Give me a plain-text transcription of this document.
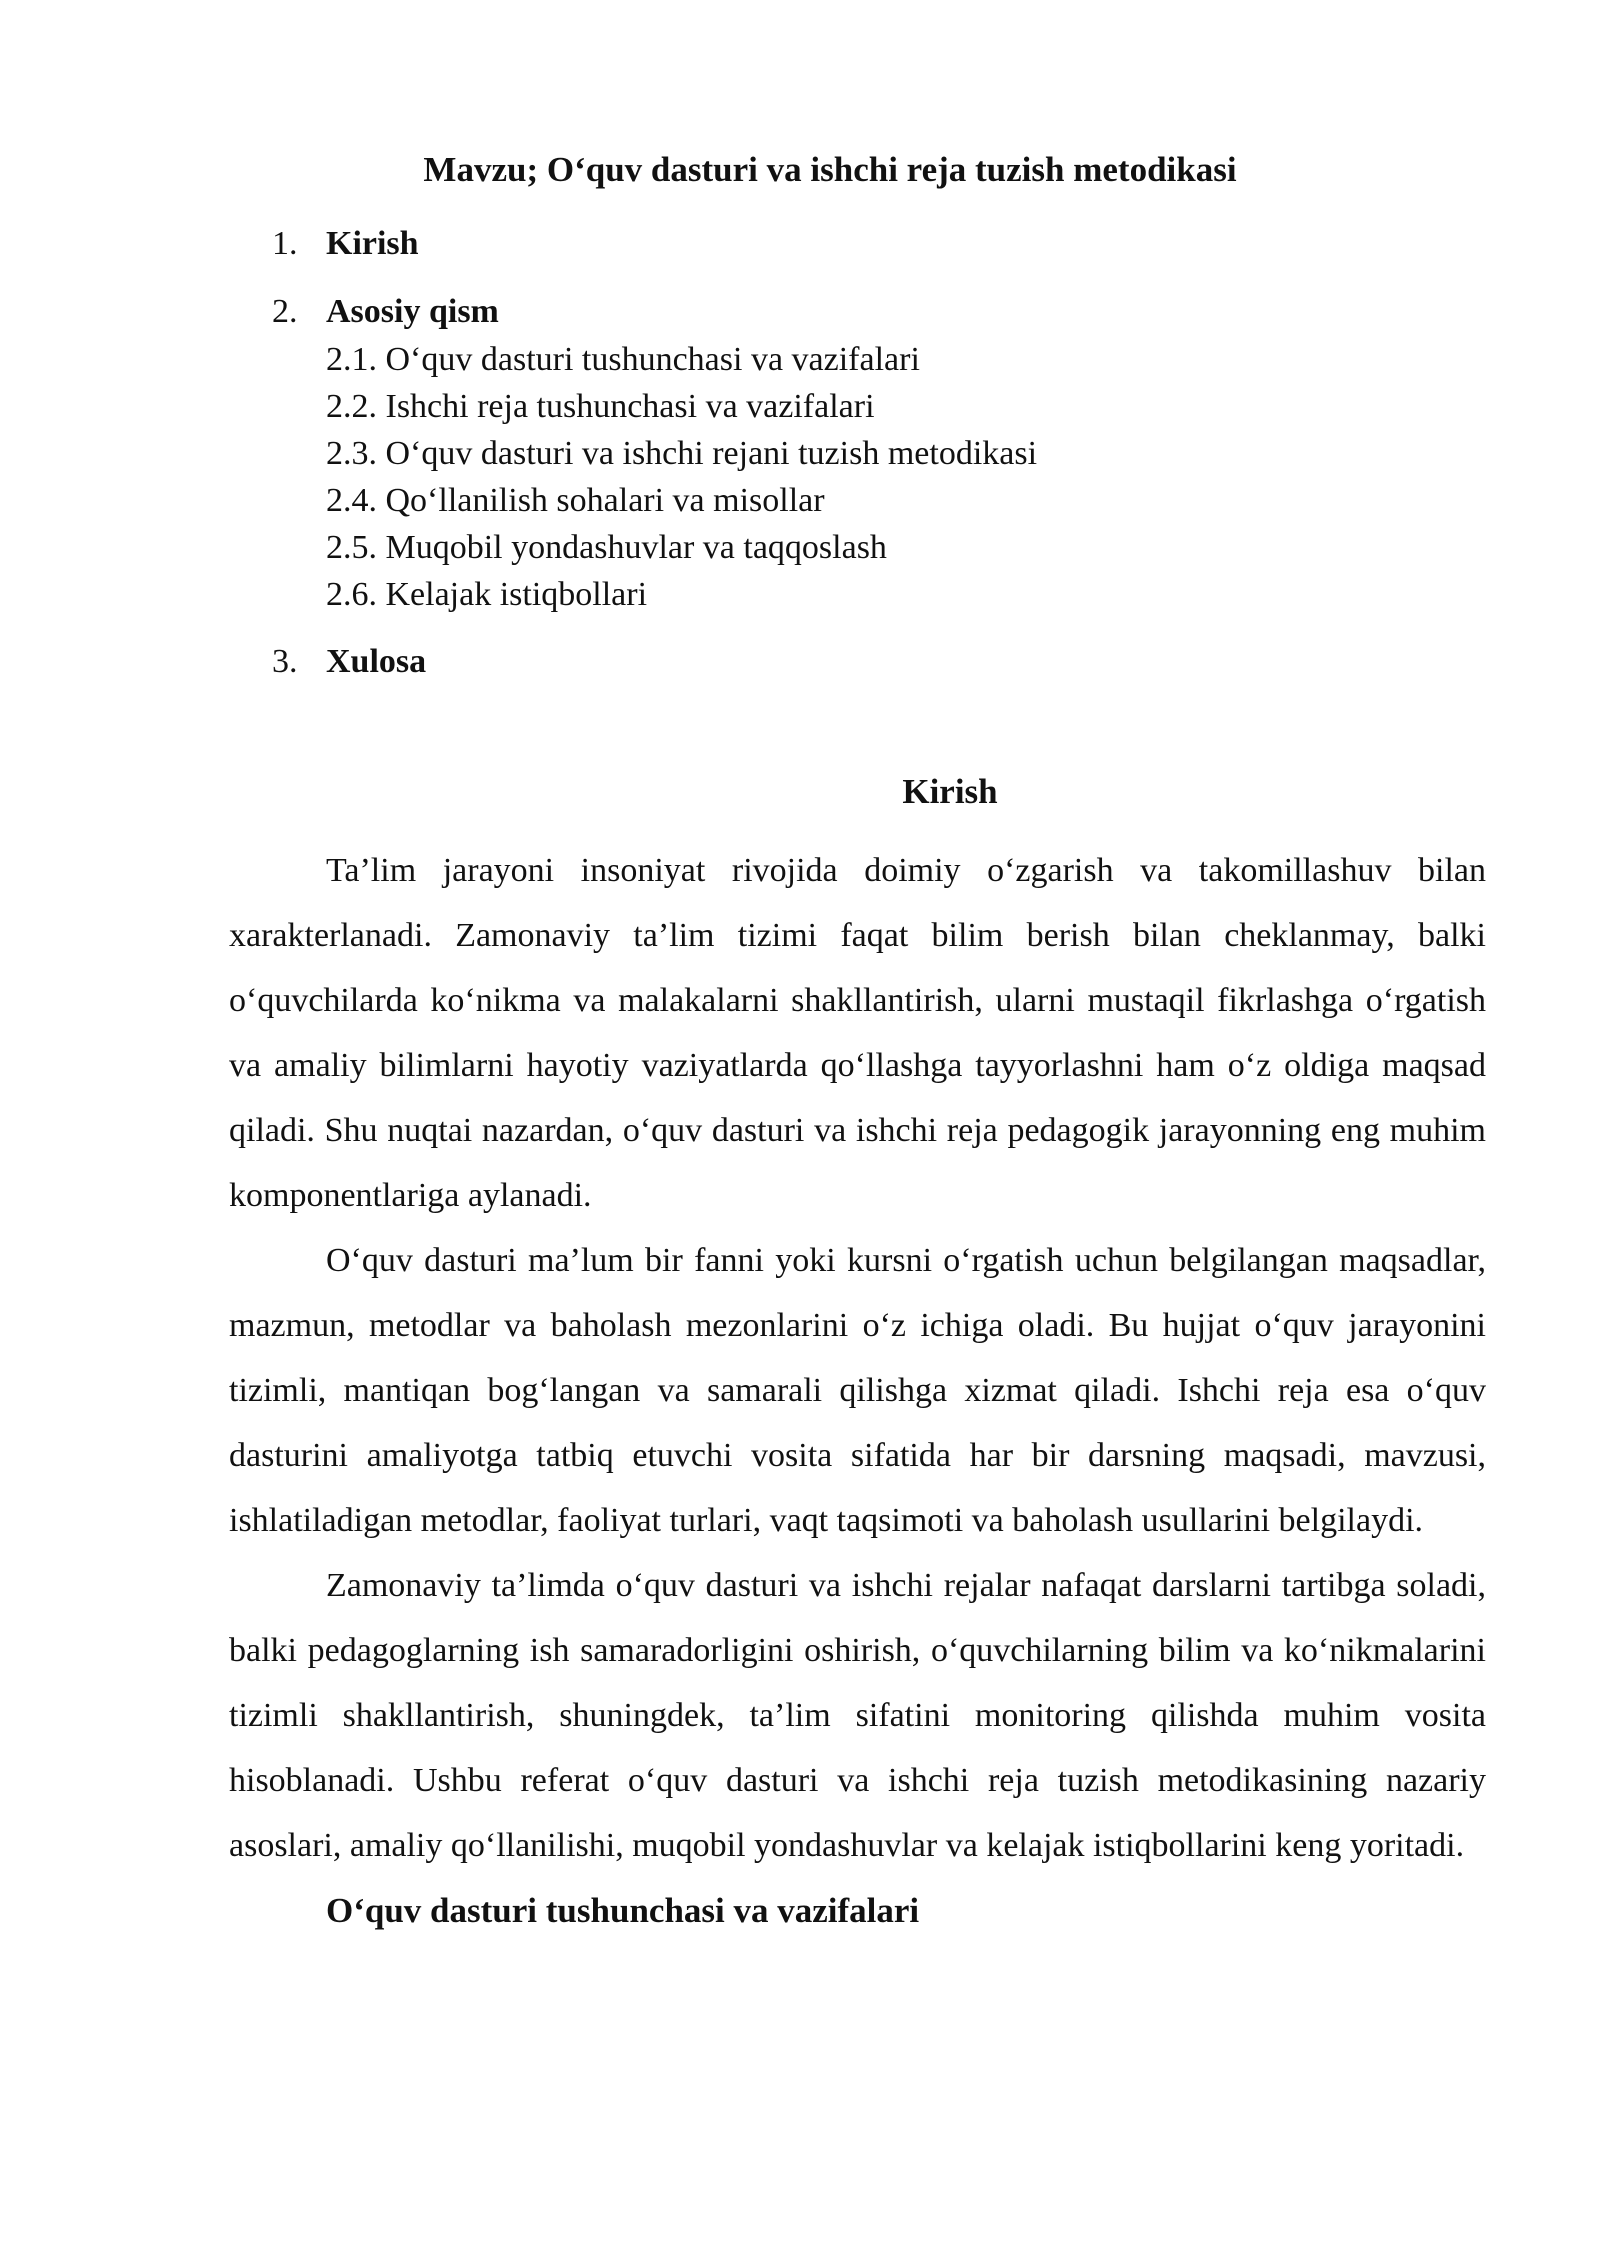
Mavzu; O‘quv dasturi va ishchi reja tuzish metodikasi
1. Kirish
2. Asosiy qism
2.1. O‘quv dasturi tushunchasi va vazifalari
2.2. Ishchi reja tushunchasi va vazifalari
2.3. O‘quv dasturi va ishchi rejani tuzish metodikasi
2.4. Qo‘llanilish sohalari va misollar
2.5. Muqobil yondashuvlar va taqqoslash
2.6. Kelajak istiqbollari
3. Xulosa
Kirish

Ta’lim jarayoni insoniyat rivojida doimiy o‘zgarish va takomillashuv bilan xarakterlanadi. Zamonaviy ta’lim tizimi faqat bilim berish bilan cheklanmay, balki o‘quvchilarda ko‘nikma va malakalarni shakllantirish, ularni mustaqil fikrlashga o‘rgatish va amaliy bilimlarni hayotiy vaziyatlarda qo‘llashga tayyorlashni ham o‘z oldiga maqsad qiladi. Shu nuqtai nazardan, o‘quv dasturi va ishchi reja pedagogik jarayonning eng muhim komponentlariga aylanadi.

O‘quv dasturi ma’lum bir fanni yoki kursni o‘rgatish uchun belgilangan maqsadlar, mazmun, metodlar va baholash mezonlarini o‘z ichiga oladi. Bu hujjat o‘quv jarayonini tizimli, mantiqan bog‘langan va samarali qilishga xizmat qiladi. Ishchi reja esa o‘quv dasturini amaliyotga tatbiq etuvchi vosita sifatida har bir darsning maqsadi, mavzusi, ishlatiladigan metodlar, faoliyat turlari, vaqt taqsimoti va baholash usullarini belgilaydi.

Zamonaviy ta’limda o‘quv dasturi va ishchi rejalar nafaqat darslarni tartibga soladi, balki pedagoglarning ish samaradorligini oshirish, o‘quvchilarning bilim va ko‘nikmalarini tizimli shakllantirish, shuningdek, ta’lim sifatini monitoring qilishda muhim vosita hisoblanadi. Ushbu referat o‘quv dasturi va ishchi reja tuzish metodikasining nazariy asoslari, amaliy qo‘llanilishi, muqobil yondashuvlar va kelajak istiqbollarini keng yoritadi.

O‘quv dasturi tushunchasi va vazifalari
